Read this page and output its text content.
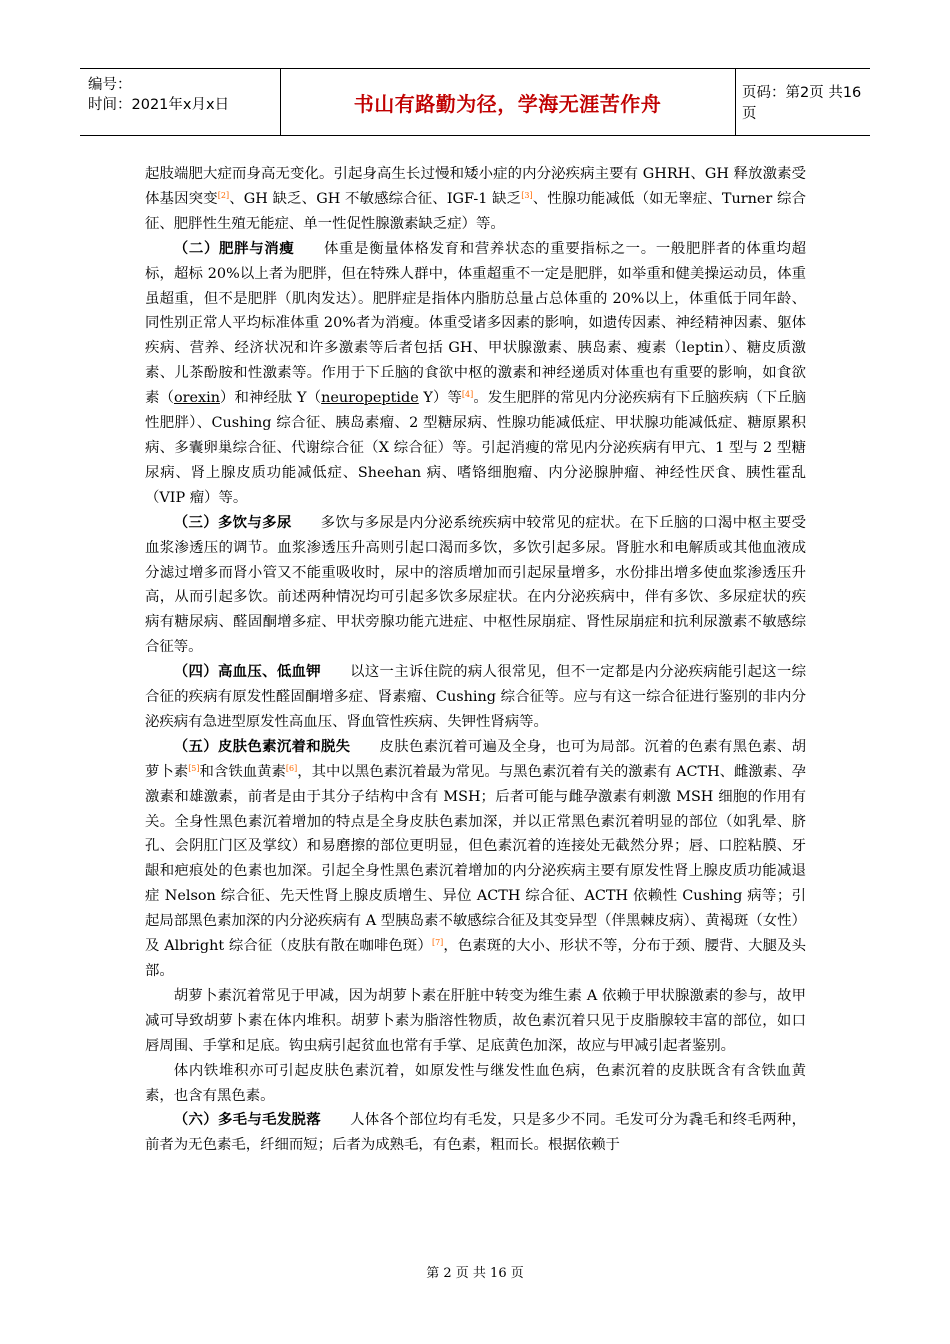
编号：
时间：2021年x月x日	书山有路勤为径，学海无涯苦作舟	页码：第2页 共16页

起肢端肥大症而身高无变化。引起身高生长过慢和矮小症的内分泌疾病主要有 GHRH、GH 释放激素受体基因突变[2]、GH 缺乏、GH 不敏感综合征、IGF-1 缺乏[3]、性腺功能减低（如无睾症、Turner 综合征、肥胖性生殖无能症、单一性促性腺激素缺乏症）等。

（二）肥胖与消瘦 体重是衡量体格发育和营养状态的重要指标之一。一般肥胖者的体重均超标，超标 20%以上者为肥胖，但在特殊人群中，体重超重不一定是肥胖，如举重和健美操运动员，体重虽超重，但不是肥胖（肌肉发达）。肥胖症是指体内脂肪总量占总体重的 20%以上，体重低于同年龄、同性别正常人平均标准体重 20%者为消瘦。体重受诸多因素的影响，如遗传因素、神经精神因素、躯体疾病、营养、经济状况和许多激素等后者包括 GH、甲状腺激素、胰岛素、瘦素（leptin）、糖皮质激素、儿茶酚胺和性激素等。作用于下丘脑的食欲中枢的激素和神经递质对体重也有重要的影响，如食欲素（orexin）和神经肽 Y（neuropeptide Y）等[4]。发生肥胖的常见内分泌疾病有下丘脑疾病（下丘脑性肥胖）、Cushing 综合征、胰岛素瘤、2 型糖尿病、性腺功能减低症、甲状腺功能减低症、糖原累积病、多囊卵巢综合征、代谢综合征（X 综合征）等。引起消瘦的常见内分泌疾病有甲亢、1 型与 2 型糖尿病、肾上腺皮质功能减低症、Sheehan 病、嗜铬细胞瘤、内分泌腺肿瘤、神经性厌食、胰性霍乱（VIP 瘤）等。

（三）多饮与多尿 多饮与多尿是内分泌系统疾病中较常见的症状。在下丘脑的口渴中枢主要受血浆渗透压的调节。血浆渗透压升高则引起口渴而多饮，多饮引起多尿。肾脏水和电解质或其他血液成分滤过增多而肾小管又不能重吸收时，尿中的溶质增加而引起尿量增多，水份排出增多使血浆渗透压升高，从而引起多饮。前述两种情况均可引起多饮多尿症状。在内分泌疾病中，伴有多饮、多尿症状的疾病有糖尿病、醛固酮增多症、甲状旁腺功能亢进症、中枢性尿崩症、肾性尿崩症和抗利尿激素不敏感综合征等。

（四）高血压、低血钾 以这一主诉住院的病人很常见，但不一定都是内分泌疾病能引起这一综合征的疾病有原发性醛固酮增多症、肾素瘤、Cushing 综合征等。应与有这一综合征进行鉴别的非内分泌疾病有急进型原发性高血压、肾血管性疾病、失钾性肾病等。

（五）皮肤色素沉着和脱失 皮肤色素沉着可遍及全身，也可为局部。沉着的色素有黑色素、胡萝卜素[5]和含铁血黄素[6]，其中以黑色素沉着最为常见。与黑色素沉着有关的激素有 ACTH、雌激素、孕激素和雄激素，前者是由于其分子结构中含有 MSH；后者可能与雌孕激素有刺激 MSH 细胞的作用有关。全身性黑色素沉着增加的特点是全身皮肤色素加深，并以正常黑色素沉着明显的部位（如乳晕、脐孔、会阴肛门区及掌纹）和易磨擦的部位更明显，但色素沉着的连接处无截然分界；唇、口腔粘膜、牙龈和疤痕处的色素也加深。引起全身性黑色素沉着增加的内分泌疾病主要有原发性肾上腺皮质功能减退症 Nelson 综合征、先天性肾上腺皮质增生、异位 ACTH 综合征、ACTH 依赖性 Cushing 病等；引起局部黑色素加深的内分泌疾病有 A 型胰岛素不敏感综合征及其变异型（伴黑棘皮病）、黄褐斑（女性）及 Albright 综合征（皮肤有散在咖啡色斑）[7]，色素斑的大小、形状不等，分布于颈、腰背、大腿及头部。

胡萝卜素沉着常见于甲减，因为胡萝卜素在肝脏中转变为维生素 A 依赖于甲状腺激素的参与，故甲减可导致胡萝卜素在体内堆积。胡萝卜素为脂溶性物质，故色素沉着只见于皮脂腺较丰富的部位，如口唇周围、手掌和足底。钩虫病引起贫血也常有手掌、足底黄色加深，故应与甲减引起者鉴别。

体内铁堆积亦可引起皮肤色素沉着，如原发性与继发性血色病，色素沉着的皮肤既含有含铁血黄素，也含有黑色素。

（六）多毛与毛发脱落 人体各个部位均有毛发，只是多少不同。毛发可分为毳毛和终毛两种，前者为无色素毛，纤细而短；后者为成熟毛，有色素，粗而长。根据依赖于

第 2 页 共 16 页
